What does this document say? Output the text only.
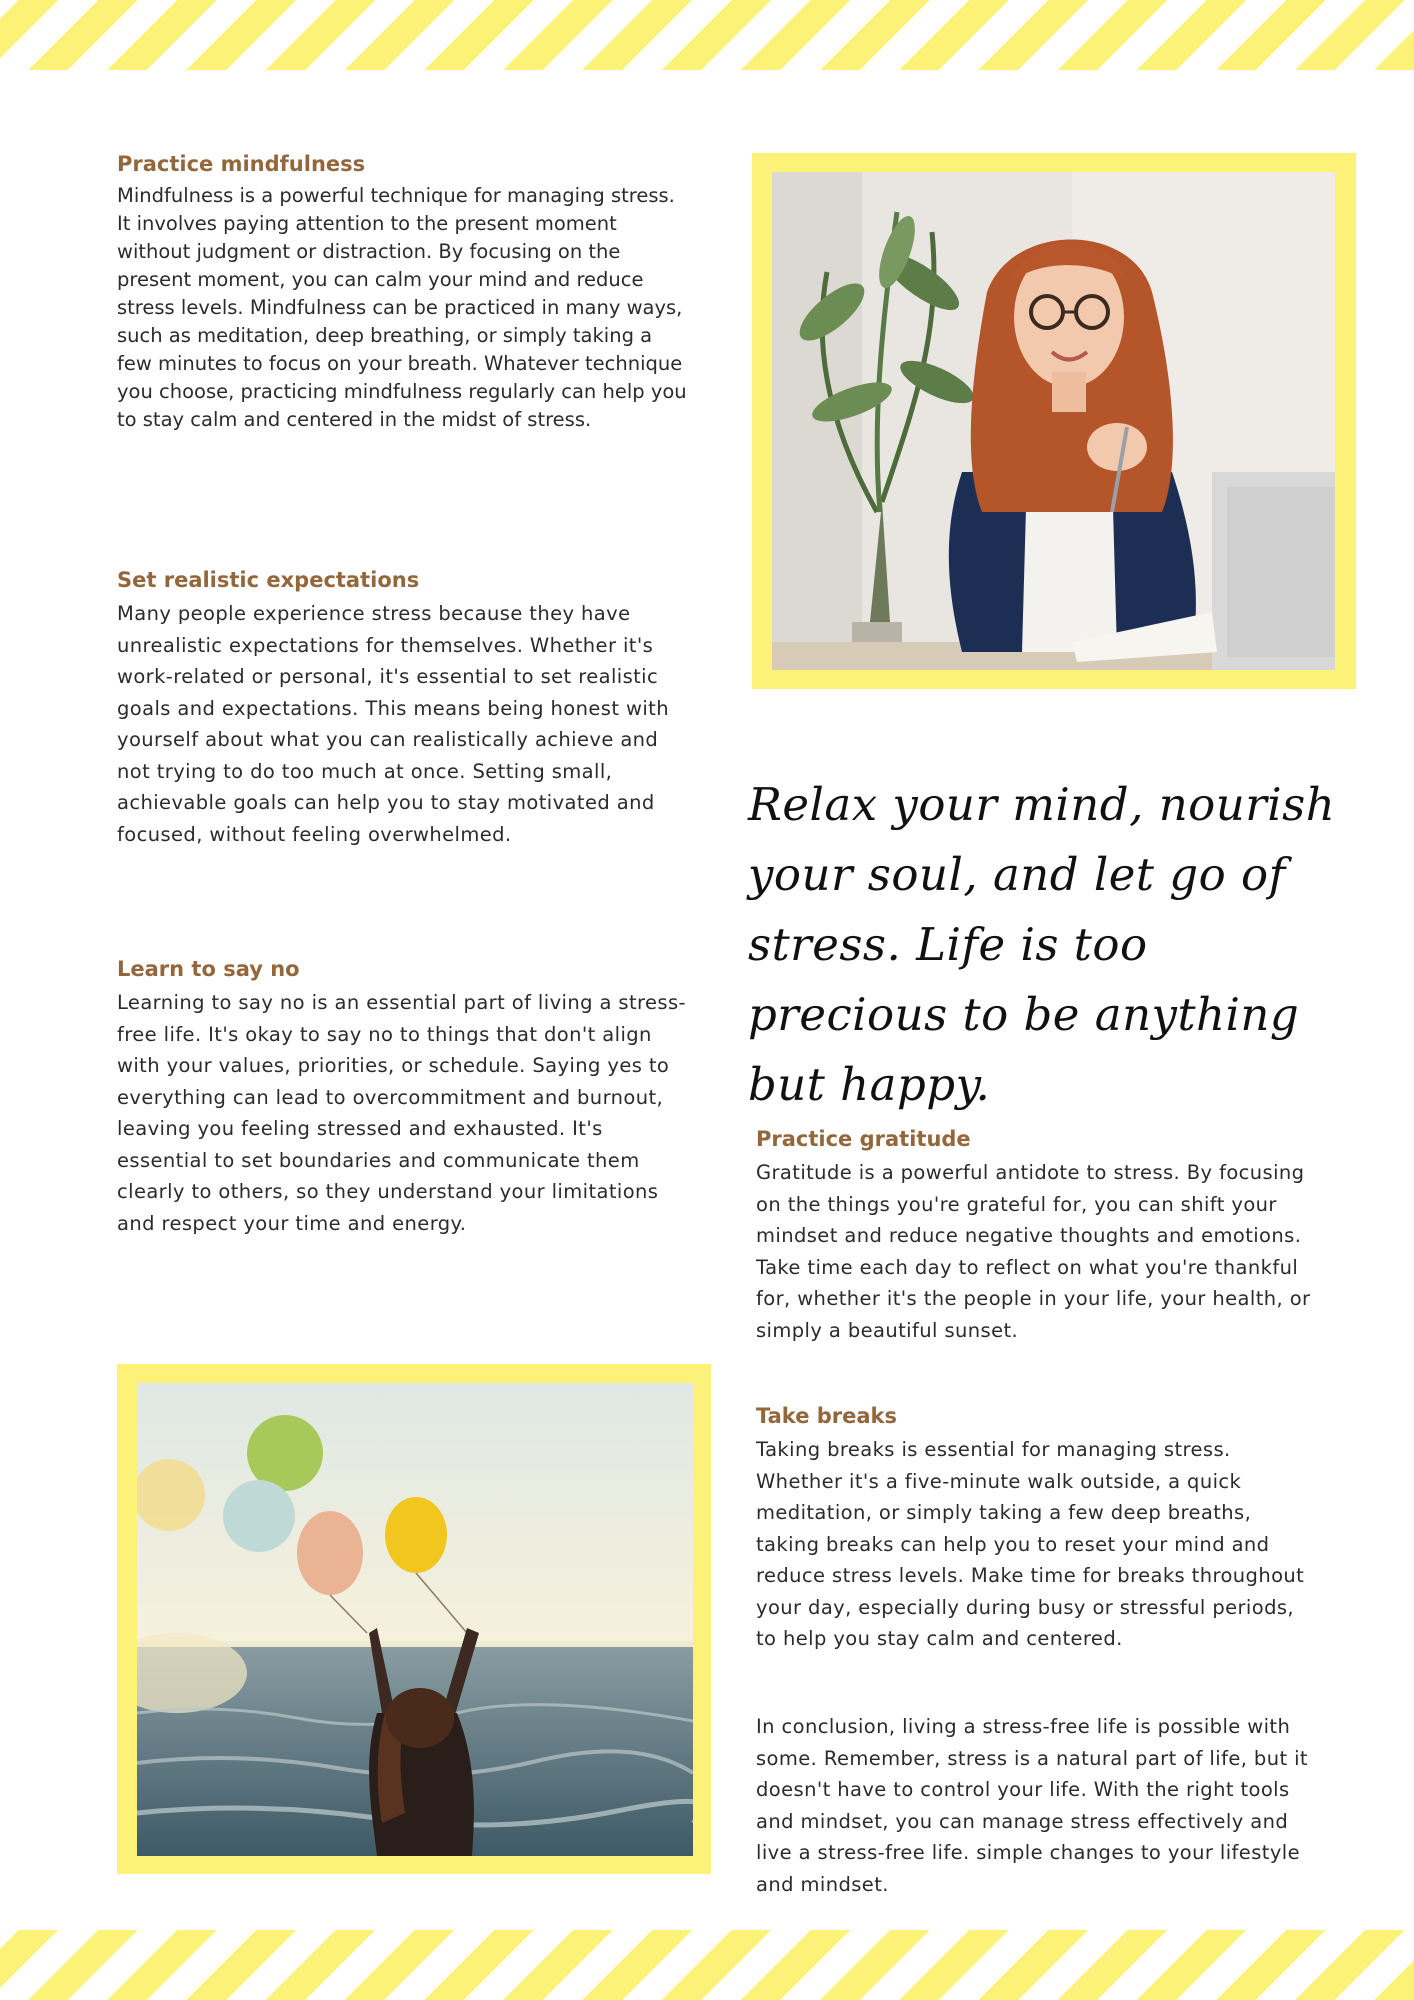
Practice mindfulness
Mindfulness is a powerful technique for managing stress. It involves paying attention to the present moment without judgment or distraction. By focusing on the present moment, you can calm your mind and reduce stress levels. Mindfulness can be practiced in many ways, such as meditation, deep breathing, or simply taking a few minutes to focus on your breath. Whatever technique you choose, practicing mindfulness regularly can help you to stay calm and centered in the midst of stress.
Set realistic expectations
Many people experience stress because they have unrealistic expectations for themselves. Whether it's work-related or personal, it's essential to set realistic goals and expectations. This means being honest with yourself about what you can realistically achieve and not trying to do too much at once. Setting small, achievable goals can help you to stay motivated and focused, without feeling overwhelmed.
Learn to say no
Learning to say no is an essential part of living a stress-free life. It's okay to say no to things that don't align with your values, priorities, or schedule. Saying yes to everything can lead to overcommitment and burnout, leaving you feeling stressed and exhausted. It's essential to set boundaries and communicate them clearly to others, so they understand your limitations and respect your time and energy.
Relax your mind, nourish your soul, and let go of stress. Life is too precious to be anything but happy.
Practice gratitude
Gratitude is a powerful antidote to stress. By focusing on the things you're grateful for, you can shift your mindset and reduce negative thoughts and emotions. Take time each day to reflect on what you're thankful for, whether it's the people in your life, your health, or simply a beautiful sunset.
Take breaks
Taking breaks is essential for managing stress. Whether it's a five-minute walk outside, a quick meditation, or simply taking a few deep breaths, taking breaks can help you to reset your mind and reduce stress levels. Make time for breaks throughout your day, especially during busy or stressful periods, to help you stay calm and centered.
In conclusion, living a stress-free life is possible with some. Remember, stress is a natural part of life, but it doesn't have to control your life. With the right tools and mindset, you can manage stress effectively and live a stress-free life. simple changes to your lifestyle and mindset.
